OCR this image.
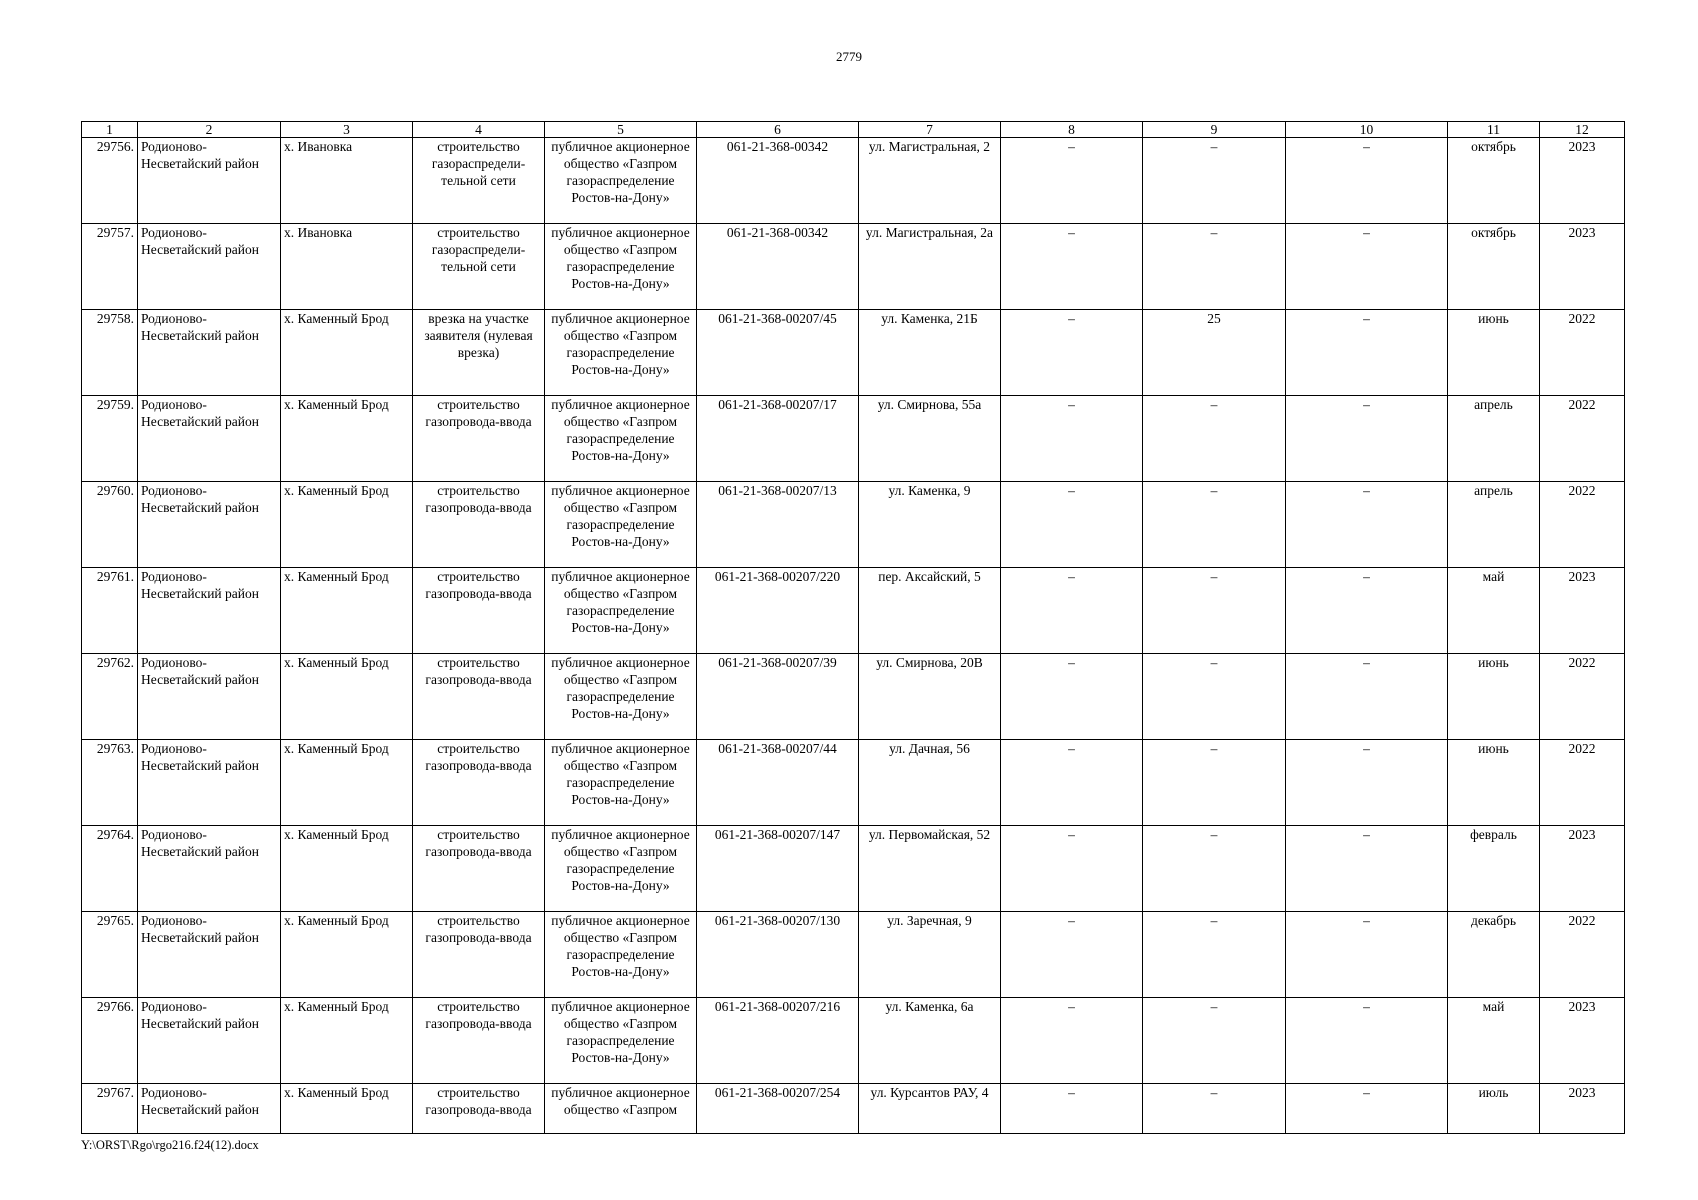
2779
1	2	3	4	5	6	7	8	9	10	11	12
29756.	Родионово-Несветайский район	х. Ивановка	строительство газораспредели-тельной сети	публичное акционерное общество «Газпром газораспределение Ростов-на-Дону»	061-21-368-00342	ул. Магистральная, 2	–	–	–	октябрь	2023
29757.	Родионово-Несветайский район	х. Ивановка	строительство газораспредели-тельной сети	публичное акционерное общество «Газпром газораспределение Ростов-на-Дону»	061-21-368-00342	ул. Магистральная, 2а	–	–	–	октябрь	2023
29758.	Родионово-Несветайский район	х. Каменный Брод	врезка на участке заявителя (нулевая врезка)	публичное акционерное общество «Газпром газораспределение Ростов-на-Дону»	061-21-368-00207/45	ул. Каменка, 21Б	–	25	–	июнь	2022
29759.	Родионово-Несветайский район	х. Каменный Брод	строительство газопровода-ввода	публичное акционерное общество «Газпром газораспределение Ростов-на-Дону»	061-21-368-00207/17	ул. Смирнова, 55а	–	–	–	апрель	2022
29760.	Родионово-Несветайский район	х. Каменный Брод	строительство газопровода-ввода	публичное акционерное общество «Газпром газораспределение Ростов-на-Дону»	061-21-368-00207/13	ул. Каменка, 9	–	–	–	апрель	2022
29761.	Родионово-Несветайский район	х. Каменный Брод	строительство газопровода-ввода	публичное акционерное общество «Газпром газораспределение Ростов-на-Дону»	061-21-368-00207/220	пер. Аксайский, 5	–	–	–	май	2023
29762.	Родионово-Несветайский район	х. Каменный Брод	строительство газопровода-ввода	публичное акционерное общество «Газпром газораспределение Ростов-на-Дону»	061-21-368-00207/39	ул. Смирнова, 20В	–	–	–	июнь	2022
29763.	Родионово-Несветайский район	х. Каменный Брод	строительство газопровода-ввода	публичное акционерное общество «Газпром газораспределение Ростов-на-Дону»	061-21-368-00207/44	ул. Дачная, 56	–	–	–	июнь	2022
29764.	Родионово-Несветайский район	х. Каменный Брод	строительство газопровода-ввода	публичное акционерное общество «Газпром газораспределение Ростов-на-Дону»	061-21-368-00207/147	ул. Первомайская, 52	–	–	–	февраль	2023
29765.	Родионово-Несветайский район	х. Каменный Брод	строительство газопровода-ввода	публичное акционерное общество «Газпром газораспределение Ростов-на-Дону»	061-21-368-00207/130	ул. Заречная, 9	–	–	–	декабрь	2022
29766.	Родионово-Несветайский район	х. Каменный Брод	строительство газопровода-ввода	публичное акционерное общество «Газпром газораспределение Ростов-на-Дону»	061-21-368-00207/216	ул. Каменка, 6а	–	–	–	май	2023
29767.	Родионово-Несветайский район	х. Каменный Брод	строительство газопровода-ввода	публичное акционерное общество «Газпром	061-21-368-00207/254	ул. Курсантов РАУ, 4	–	–	–	июль	2023
Y:\ORST\Rgo\rgo216.f24(12).docx
